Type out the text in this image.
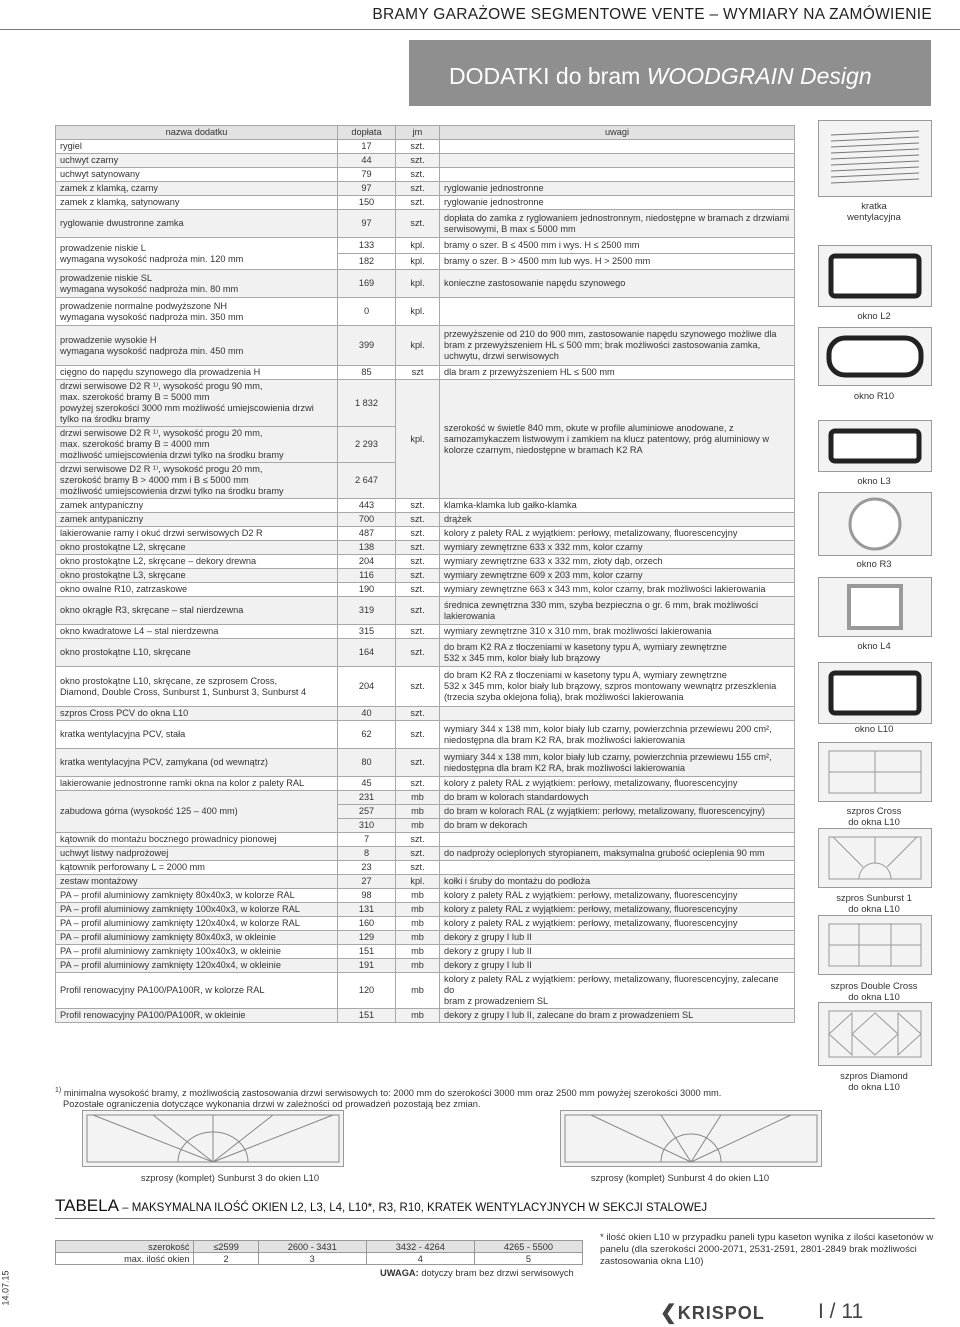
BRAMY GARAŻOWE SEGMENTOWE VENTE – WYMIARY NA ZAMÓWIENIE
DODATKI do bram WOODGRAIN Design
nazwa dodatku	dopłata	jm	uwagi
rygiel	17	szt.	
uchwyt czarny	44	szt.	
uchwyt satynowany	79	szt.	
zamek z klamką, czarny	97	szt.	ryglowanie jednostronne
zamek z klamką, satynowany	150	szt.	ryglowanie jednostronne
ryglowanie dwustronne zamka	97	szt.	dopłata do zamka z ryglowaniem jednostronnym, niedostępne w bramach z drzwiami serwisowymi, B max ≤ 5000 mm
prowadzenie niskie L
wymagana wysokość nadproża min. 120 mm	133	kpl.	bramy o szer. B ≤ 4500 mm i wys. H ≤ 2500 mm
	182	kpl.	bramy o szer. B > 4500 mm lub wys. H > 2500 mm
prowadzenie niskie SL
wymagana wysokość nadproża min. 80 mm	169	kpl.	konieczne zastosowanie napędu szynowego
prowadzenie normalne podwyższone NH
wymagana wysokość nadproża min. 350 mm	0	kpl.	
prowadzenie wysokie H
wymagana wysokość nadproża min. 450 mm	399	kpl.	przewyższenie od 210 do 900 mm, zastosowanie napędu szynowego możliwe dla bram z przewyższeniem HL ≤ 500 mm; brak możliwości zastosowania zamka, uchwytu, drzwi serwisowych
cięgno do napędu szynowego dla prowadzenia H	85	szt	dla bram z przewyższeniem HL ≤ 500 mm
drzwi serwisowe D2 R ¹⁾, wysokość progu 90 mm,
max. szerokość bramy B = 5000 mm
powyżej szerokości 3000 mm możliwość umiejscowienia drzwi tylko na środku bramy	1 832	kpl.	szerokość w świetle 840 mm, okute w profile aluminiowe anodowane, z samozamykaczem listwowym i zamkiem na klucz patentowy, próg aluminiowy w kolorze czarnym, niedostępne w bramach K2 RA
drzwi serwisowe D2 R ¹⁾, wysokość progu 20 mm,
max. szerokość bramy B = 4000 mm
możliwość umiejscowienia drzwi tylko na środku bramy	2 293		
drzwi serwisowe D2 R ¹⁾, wysokość progu 20 mm,
szerokość bramy B > 4000 mm i B ≤ 5000 mm
możliwość umiejscowienia drzwi tylko na środku bramy	2 647		
zamek antypaniczny	443	szt.	klamka-klamka lub gałko-klamka
zamek antypaniczny	700	szt.	drążek
lakierowanie ramy i okuć drzwi serwisowych D2 R	487	szt.	kolory z palety RAL z wyjątkiem: perłowy, metalizowany, fluorescencyjny
okno prostokątne L2, skręcane	138	szt.	wymiary zewnętrzne 633 x 332 mm, kolor czarny
okno prostokątne L2, skręcane – dekory drewna	204	szt.	wymiary zewnętrzne 633 x 332 mm, złoty dąb, orzech
okno prostokątne L3, skręcane	116	szt.	wymiary zewnętrzne 609 x 203 mm, kolor czarny
okno owalne R10, zatrzaskowe	190	szt.	wymiary zewnętrzne 663 x 343 mm, kolor czarny, brak możliwości lakierowania
okno okrągłe R3, skręcane – stal nierdzewna	319	szt.	średnica zewnętrzna 330 mm, szyba bezpieczna o gr. 6 mm, brak możliwości lakierowania
okno kwadratowe L4 – stal nierdzewna	315	szt.	wymiary zewnętrzne 310 x 310 mm, brak możliwości lakierowania
okno prostokątne L10, skręcane	164	szt.	do bram K2 RA z tłoczeniami w kasetony typu A, wymiary zewnętrzne
532 x 345 mm, kolor biały lub brązowy
okno prostokątne L10, skręcane, ze szprosem Cross,
Diamond, Double Cross, Sunburst 1, Sunburst 3, Sunburst 4	204	szt.	do bram K2 RA z tłoczeniami w kasetony typu A, wymiary zewnętrzne
532 x 345 mm, kolor biały lub brązowy, szpros montowany wewnątrz przeszklenia
(trzecia szyba oklejona folią), brak możliwości lakierowania
szpros Cross PCV do okna L10	40	szt.	
kratka wentylacyjna PCV, stała	62	szt.	wymiary 344 x 138 mm, kolor biały lub czarny, powierzchnia przewiewu 200 cm²,
niedostępna dla bram K2 RA, brak możliwości lakierowania
kratka wentylacyjna PCV, zamykana (od wewnątrz)	80	szt.	wymiary 344 x 138 mm, kolor biały lub czarny, powierzchnia przewiewu 155 cm²,
niedostępna dla bram K2 RA, brak możliwości lakierowania
lakierowanie jednostronne ramki okna na kolor z palety RAL	45	szt.	kolory z palety RAL z wyjątkiem: perłowy, metalizowany, fluorescencyjny
zabudowa górna (wysokość 125 – 400 mm)	231	mb	do bram w kolorach standardowych
	257	mb	do bram w kolorach RAL (z wyjątkiem: perłowy, metalizowany, fluorescencyjny)
	310	mb	do bram w dekorach
kątownik do montażu bocznego prowadnicy pionowej	7	szt.	
uchwyt listwy nadprożowej	8	szt.	do nadproży ocieplonych styropianem, maksymalna grubość ocieplenia 90 mm
kątownik perforowany L = 2000 mm	23	szt.	
zestaw montażowy	27	kpl.	kołki i śruby do montażu do podłoża
PA – profil aluminiowy zamknięty 80x40x3, w kolorze RAL	98	mb	kolory z palety RAL z wyjątkiem: perłowy, metalizowany, fluorescencyjny
PA – profil aluminiowy zamknięty 100x40x3, w kolorze RAL	131	mb	kolory z palety RAL z wyjątkiem: perłowy, metalizowany, fluorescencyjny
PA – profil aluminiowy zamknięty 120x40x4, w kolorze RAL	160	mb	kolory z palety RAL z wyjątkiem: perłowy, metalizowany, fluorescencyjny
PA – profil aluminiowy zamknięty 80x40x3, w okleinie	129	mb	dekory z grupy I lub II
PA – profil aluminiowy zamknięty 100x40x3, w okleinie	151	mb	dekory z grupy I lub II
PA – profil aluminiowy zamknięty 120x40x4, w okleinie	191	mb	dekory z grupy I lub II
Profil renowacyjny PA100/PA100R, w kolorze RAL	120	mb	kolory z palety RAL z wyjątkiem: perłowy, metalizowany, fluorescencyjny, zalecane do
bram z prowadzeniem SL
Profil renowacyjny PA100/PA100R, w okleinie	151	mb	dekory z grupy I lub II, zalecane do bram z prowadzeniem SL
kratka
wentylacyjna
okno L2
okno R10
okno L3
okno R3
okno L4
okno L10
szpros Cross
do okna L10
szpros Sunburst 1
do okna L10
szpros Double Cross
do okna L10
szpros Diamond
do okna L10
$^{1)}$ minimalna wysokość bramy, z możliwością zastosowania drzwi serwisowych to: 2000 mm do szerokości 3000 mm oraz 2500 mm powyżej szerokości 3000 mm.
Pozostałe ograniczenia dotyczące wykonania drzwi w zależności od prowadzeń pozostają bez zmian.
szprosy (komplet) Sunburst 3 do okien L10	szprosy (komplet) Sunburst 4 do okien L10
TABELA – MAKSYMALNA ILOŚĆ OKIEN L2, L3, L4, L10*, R3, R10, KRATEK WENTYLACYJNYCH W SEKCJI STALOWEJ
szerokość	≤2599	2600 - 3431	3432 - 4264	4265 - 5500
max. ilość okien	2	3	4	5
UWAGA: dotyczy bram bez drzwi serwisowych
* ilość okien L10 w przypadku paneli typu kaseton wynika z ilości kasetonów w panelu (dla szerokości 2000-2071, 2531-2591, 2801-2849 brak możliwości zastosowania okna L10)
14.07.15
❮KRISPOL	I / 11
